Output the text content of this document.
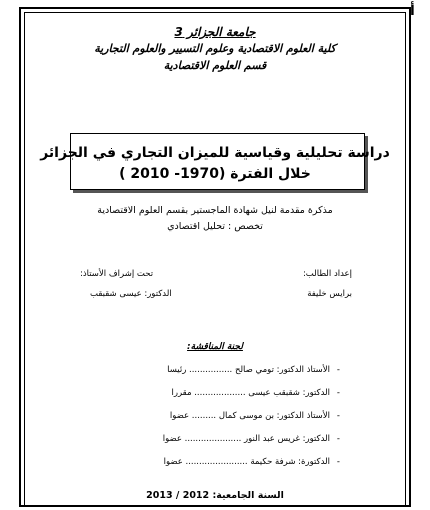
أ
جامعة الجزائر 3
كلية العلوم الاقتصادية وعلوم التسيير والعلوم التجارية
قسم العلوم الاقتصادية
دراسة تحليلية وقياسية للميزان التجاري في الجزائر
خلال الفترة (1970- 2010 )
مذكرة مقدمة لنيل شهادة الماجستير بقسم العلوم الاقتصادية
تخصص : تحليل اقتصادي
إعداد الطالب:
برايس خليفة
تحت إشراف الأستاذ:
الدكتور: عيسى شقبقب
لجنة المناقشة:
-
الأستاذ الدكتور: تومي صالح ................ رئيسا
-
الدكتور: شقبقب عيسى ................... مقررا
-
الأستاذ الدكتور: بن موسى كمال ......... عضوا
-
الدكتور: غريس عبد النور ..................... عضوا
-
الدكتورة: شرفة حكيمة ....................... عضوا
السنة الجامعية: 2012 / 2013
